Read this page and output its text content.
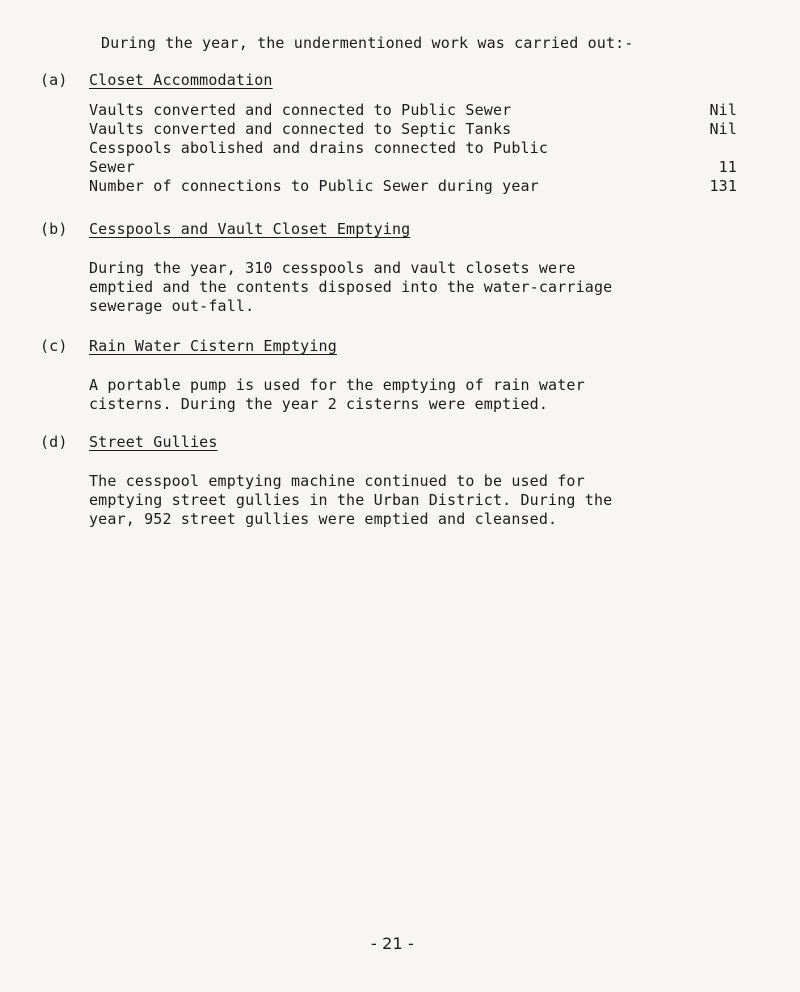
During the year, the undermentioned work was carried out:-
(a) Closet Accommodation
Vaults converted and connected to Public Sewer	Nil
Vaults converted and connected to Septic Tanks	Nil
Cesspools abolished and drains connected to Public
Sewer	11
Number of connections to Public Sewer during year	131
(b) Cesspools and Vault Closet Emptying
During the year, 310 cesspools and vault closets were
emptied and the contents disposed into the water-carriage
sewerage out-fall.
(c) Rain Water Cistern Emptying
A portable pump is used for the emptying of rain water
cisterns. During the year 2 cisterns were emptied.
(d) Street Gullies
The cesspool emptying machine continued to be used for
emptying street gullies in the Urban District. During the
year, 952 street gullies were emptied and cleansed.
- 21 -
